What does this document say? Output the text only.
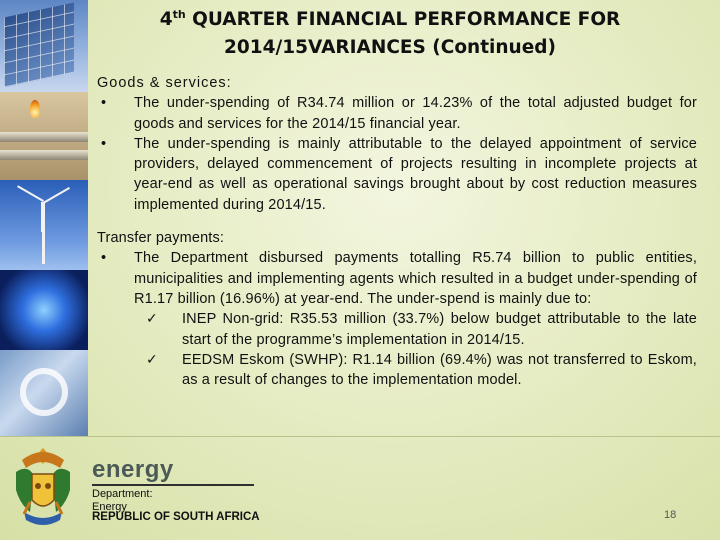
4th QUARTER FINANCIAL PERFORMANCE FOR
2014/15VARIANCES (Continued)

Goods & services:

• The under-spending of R34.74 million or 14.23% of the total adjusted budget for goods and services for the 2014/15 financial year.
• The under-spending is mainly attributable to the delayed appointment of service providers, delayed commencement of projects resulting in incomplete projects at year-end as well as operational savings brought about by cost reduction measures implemented during 2014/15.

Transfer payments:

• The Department disbursed payments totalling R5.74 billion to public entities, municipalities and implementing agents which resulted in a budget under-spending of R1.17 billion (16.96%) at year-end. The under-spend is mainly due to:
✓ INEP Non-grid: R35.53 million (33.7%) below budget attributable to the late start of the programme’s implementation in 2014/15.
✓ EEDSM Eskom (SWHP): R1.14 billion (69.4%) was not transferred to Eskom, as a result of changes to the implementation model.
energy
Department:
Energy
REPUBLIC OF SOUTH AFRICA	18
